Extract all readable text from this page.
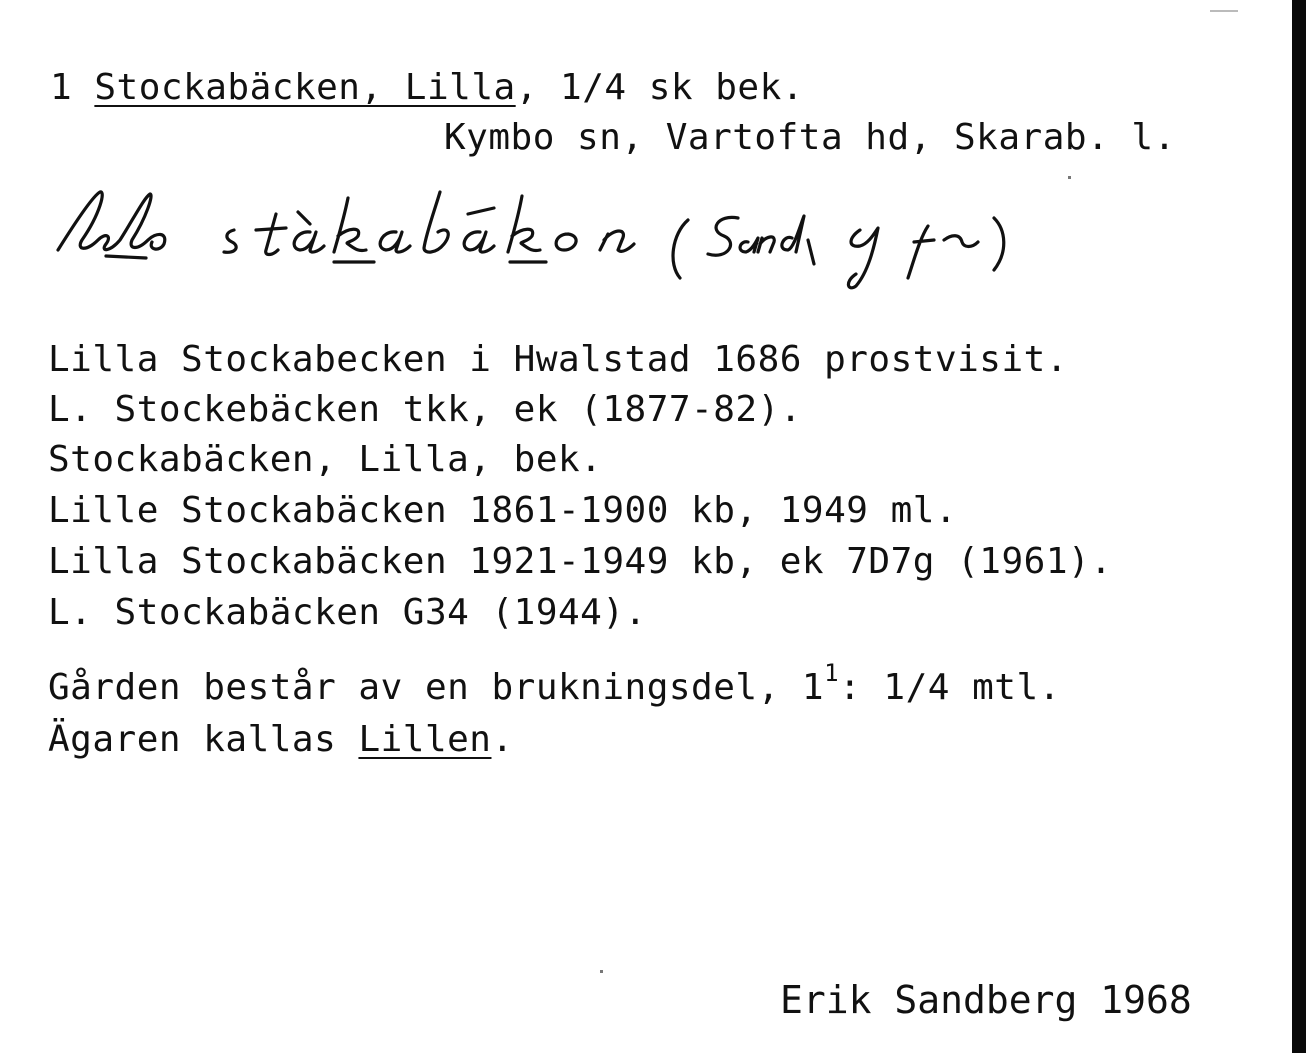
1 Stockabäcken, Lilla, 1/4 sk bek.
Kymbo sn, Vartofta hd, Skarab. l.
Lilla Stockabecken i Hwalstad 1686 prostvisit.
L. Stockebäcken tkk, ek (1877-82).
Stockabäcken, Lilla, bek.
Lille Stockabäcken 1861-1900 kb, 1949 ml.
Lilla Stockabäcken 1921-1949 kb, ek 7D7g (1961).
L. Stockabäcken G34 (1944).
Gården består av en brukningsdel, $1^1$: 1/4 mtl.
Ägaren kallas Lillen.
Erik Sandberg 1968
